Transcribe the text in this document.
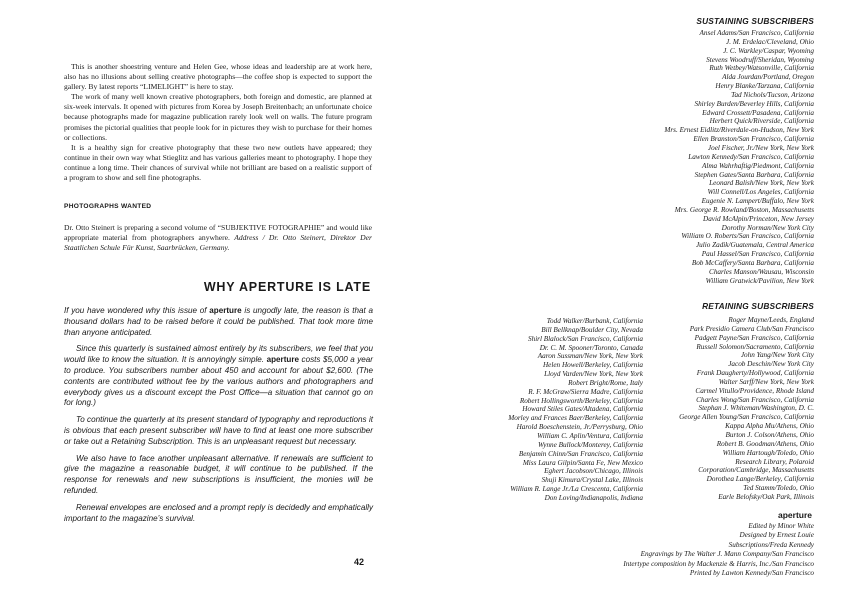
This is another shoestring venture and Helen Gee, whose ideas and leadership are at work here, also has no illusions about selling creative photographs—the coffee shop is expected to support the gallery. By latest reports “LIMELIGHT” is here to stay.

The work of many well known creative photographers, both foreign and domestic, are planned at six-week intervals. It opened with pictures from Korea by Joseph Breitenbach; an unfortunate choice because photographs made for magazine publication rarely look well on walls. The future program promises the pictorial qualities that people look for in pictures they wish to purchase for their homes or collections.

It is a healthy sign for creative photography that these two new outlets have appeared; they continue in their own way what Stieglitz and has various galleries meant to photography. I hope they continue a long time. Their chances of survival while not brilliant are based on a realistic support of a program to show and sell fine photographs.

PHOTOGRAPHS WANTED
Dr. Otto Steinert is preparing a second volume of “SUBJEKTIVE FOTOGRAPHIE” and would like appropriate material from photographers anywhere. Address / Dr. Otto Steinert, Direktor Der Staatlichen Schule Für Kunst, Saarbrücken, Germany.
WHY APERTURE IS LATE

If you have wondered why this issue of aperture is ungodly late, the reason is that a thousand dollars had to be raised before it could be published. That took more time than anyone anticipated.

Since this quarterly is sustained almost entirely by its subscribers, we feel that you would like to know the situation. It is annoyingly simple. aperture costs $5,000 a year to produce. You subscribers number about 450 and account for about $2,600. (The contents are contributed without fee by the various authors and photographers and everybody gives us a discount except the Post Office—a situation that cannot go on for long.)

To continue the quarterly at its present standard of typography and reproductions it is obvious that each present subscriber will have to find at least one more subscriber or take out a Retaining Subscription. This is an unpleasant request but necessary.

We also have to face another unpleasant alternative. If renewals are sufficient to give the magazine a reasonable budget, it will continue to be published. If the response for renewals and new subscriptions is insufficient, the monies will be refunded.

Renewal envelopes are enclosed and a prompt reply is decidedly and emphatically important to the magazine’s survival.

42
SUSTAINING SUBSCRIBERS
Ansel Adams/San Francisco, California
J. M. Erdelac/Cleveland, Ohio
J. C. Warkley/Caspar, Wyoming
Stevens Woodruff/Sheridan, Wyoming
Ruth Wetbey/Watsonville, California
Alda Jourdan/Portland, Oregon
Henry Blanke/Tarzana, California
Tad Nichols/Tucson, Arizona
Shirley Burden/Beverley Hills, California
Edward Crossett/Pasadena, California
Herbert Quick/Riverside, California
Mrs. Ernest Eidlitz/Riverdale-on-Hudson, New York
Ellen Branston/San Francisco, California
Joel Fischer, Jr./New York, New York
Lawton Kennedy/San Francisco, California
Alma Wahrhaftig/Piedmont, California
Stephen Gates/Santa Barbara, California
Leonard Balish/New York, New York
Will Connell/Los Angeles, California
Eugenie N. Lampert/Buffalo, New York
Mrs. George R. Rowland/Boston, Massachusetts
David McAlpin/Princeton, New Jersey
Dorothy Norman/New York City
William O. Roberts/San Francisco, California
Julio Zadik/Guatemala, Central America
Paul Hassel/San Francisco, California
Bob McCaffery/Santa Barbara, California
Charles Manson/Wausau, Wisconsin
William Gratwick/Pavilion, New York
RETAINING SUBSCRIBERS
Todd Walker/Burbank, California
Bill Bellknap/Boulder City, Nevada
Shirl Blalock/San Francisco, California
Dr. C. M. Spooner/Toronto, Canada
Aaron Sussman/New York, New York
Helen Howell/Berkeley, California
Lloyd Varden/New York, New York
Robert Bright/Rome, Italy
R. F. McGraw/Sierra Madre, California
Robert Hollingsworth/Berkeley, California
Howard Stiles Gates/Altadena, California
Morley and Frances Baer/Berkeley, California
Harold Boeschenstein, Jr./Perrysburg, Ohio
William C. Aplin/Ventura, California
Wynne Bullock/Monterey, California
Benjamin Chinn/San Francisco, California
Miss Laura Gilpin/Santa Fe, New Mexico
Eghert Jacobson/Chicago, Illinois
Shuji Kimura/Crystal Lake, Illinois
William R. Lange Jr./La Crescenta, California
Don Loving/Indianapolis, Indiana
Roger Mayne/Leeds, England
Park Presidio Camera Club/San Francisco
Padgett Payne/San Francisco, California
Russell Solomon/Sacramento, California
John Yang/New York City
Jacob Deschin/New York City
Frank Daugherty/Hollywood, California
Walter Sarff/New York, New York
Carmel Vitullo/Providence, Rhode Island
Charles Wong/San Francisco, California
Stephan J. Whiteman/Washington, D. C.
George Allen Young/San Francisco, California
Kappa Alpha Mu/Athens, Ohio
Burton J. Colson/Athens, Ohio
Robert B. Goodman/Athens, Ohio
William Hartough/Toledo, Ohio
Research Library, Polaroid
Corporation/Cambridge, Massachusetts
Dorothea Lange/Berkeley, California
Ted Stamm/Toledo, Ohio
Earle Belofsky/Oak Park, Illinois
aperture
Edited by Minor White
Designed by Ernest Louie
Subscriptions/Freda Kennedy
Engravings by The Walter J. Mann Company/San Francisco
Intertype composition by Mackenzie & Harris, Inc./San Francisco
Printed by Lawton Kennedy/San Francisco
